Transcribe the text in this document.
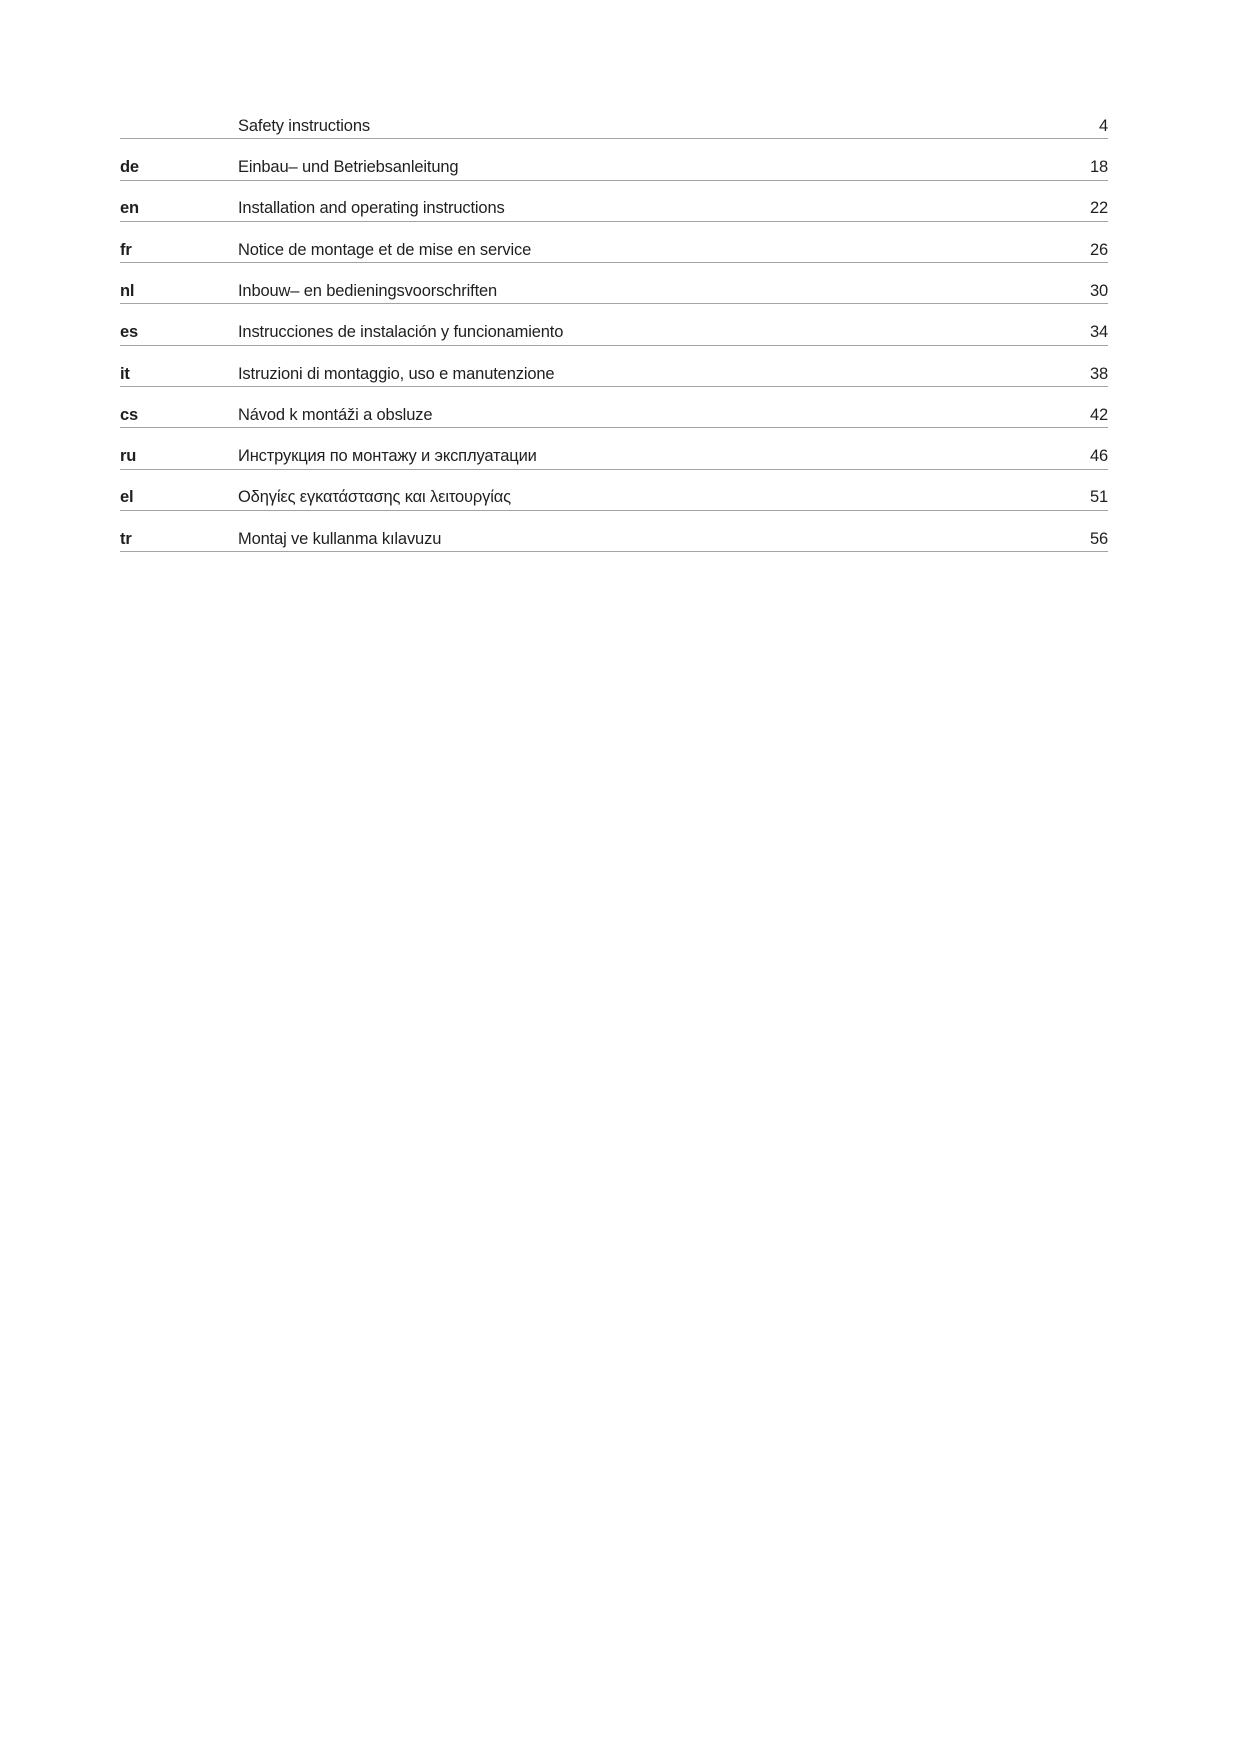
Safety instructions	4
de	Einbau– und Betriebsanleitung	18
en	Installation and operating instructions	22
fr	Notice de montage et de mise en service	26
nl	Inbouw– en bedieningsvoorschriften	30
es	Instrucciones de instalación y funcionamiento	34
it	Istruzioni di montaggio, uso e manutenzione	38
cs	Návod k montáži a obsluze	42
ru	Инструкция по монтажу и эксплуатации	46
el	Οδηγίες εγκατάστασης και λειτουργίας	51
tr	Montaj ve kullanma kılavuzu	56
